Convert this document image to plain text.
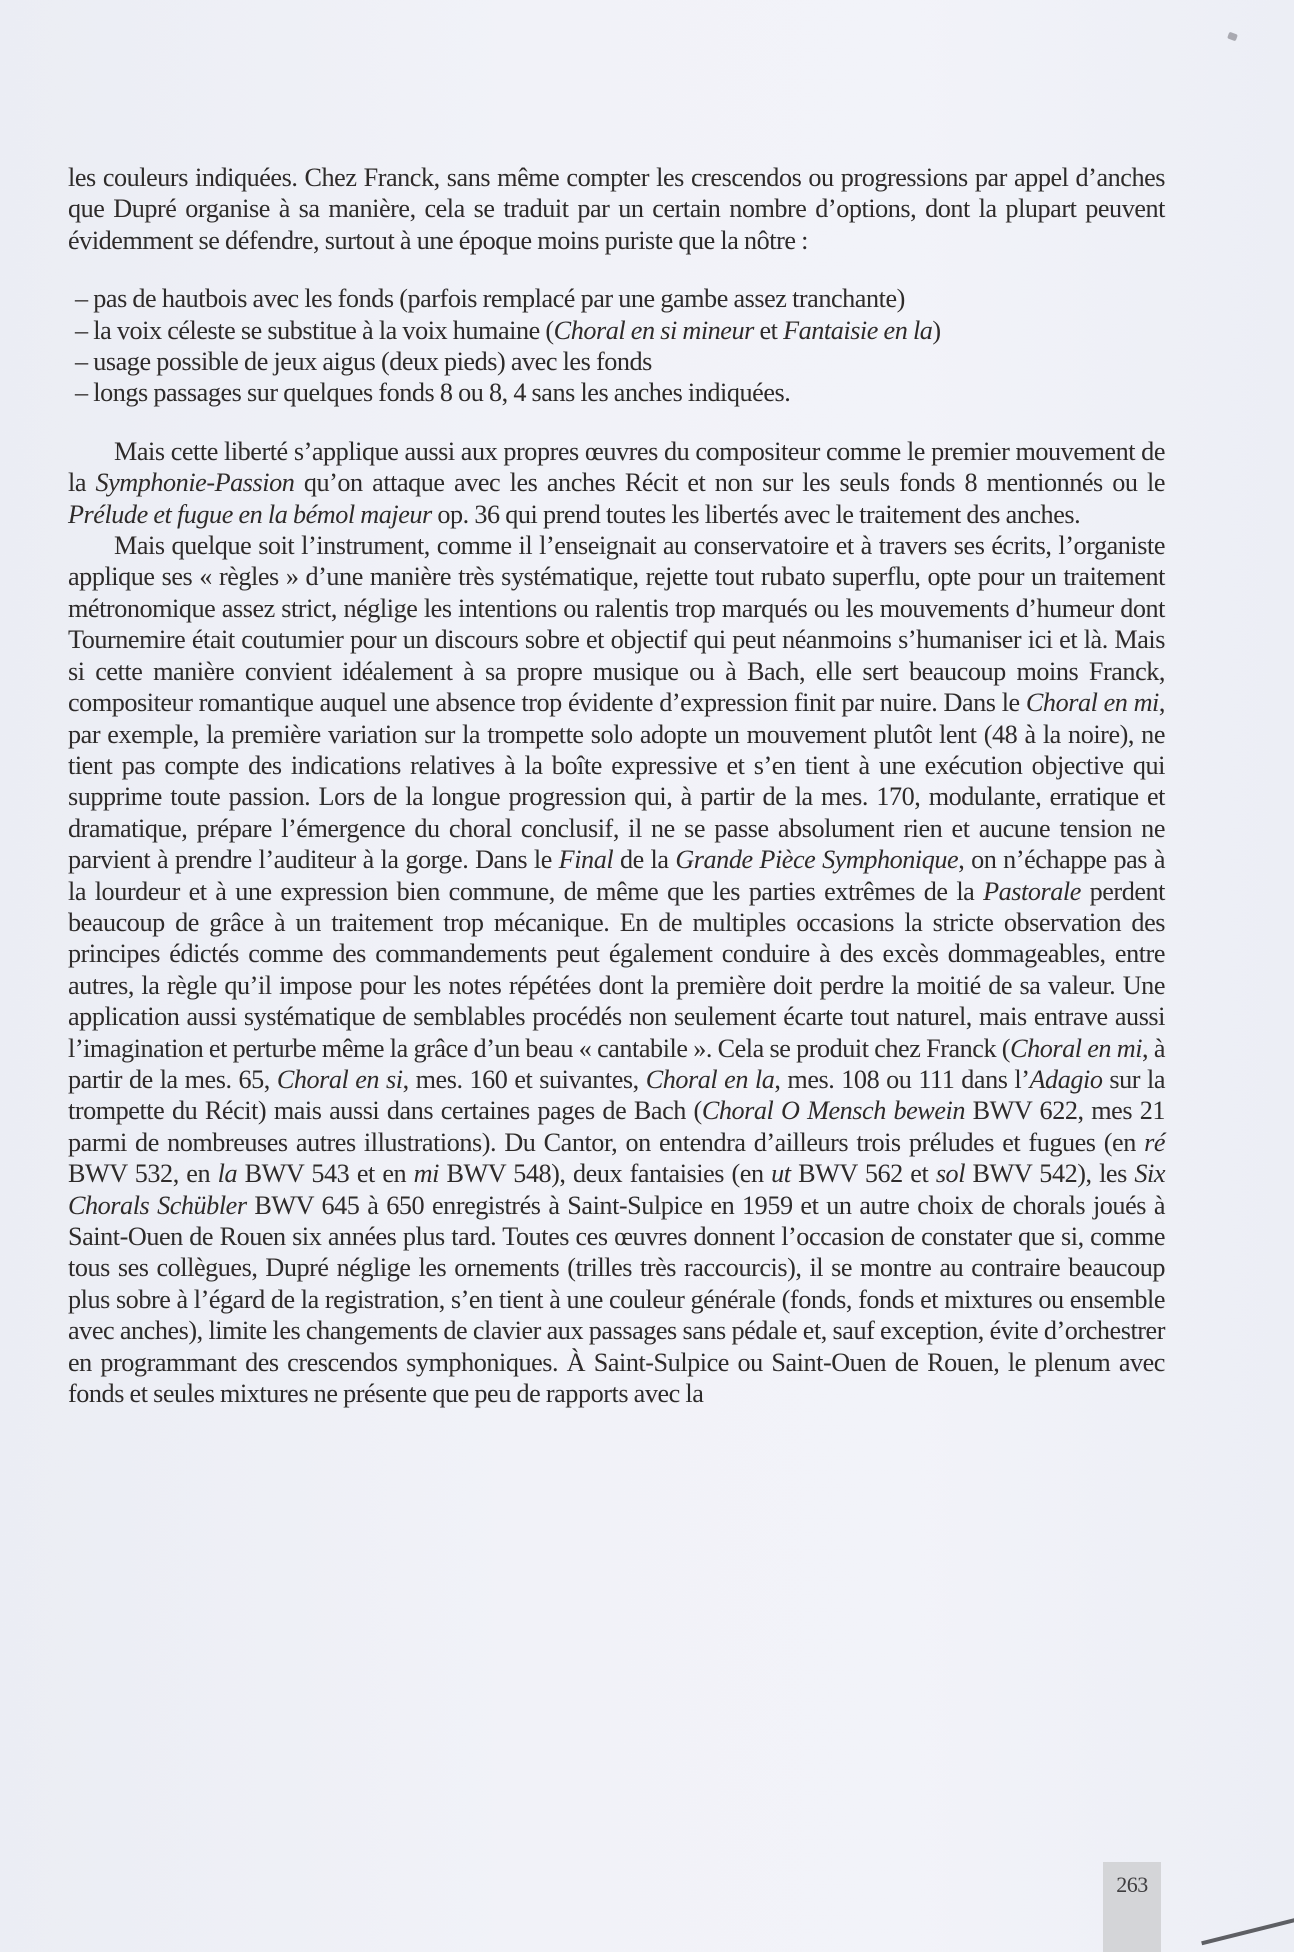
les couleurs indiquées. Chez Franck, sans même compter les crescendos ou progressions par appel d’anches que Dupré organise à sa manière, cela se traduit par un certain nombre d’options, dont la plupart peuvent évidemment se défendre, surtout à une époque moins puriste que la nôtre :

– pas de hautbois avec les fonds (parfois remplacé par une gambe assez tranchante)
– la voix céleste se substitue à la voix humaine (Choral en si mineur et Fantaisie en la)
– usage possible de jeux aigus (deux pieds) avec les fonds
– longs passages sur quelques fonds 8 ou 8, 4 sans les anches indiquées.

Mais cette liberté s’applique aussi aux propres œuvres du compositeur comme le premier mouvement de la Symphonie-Passion qu’on attaque avec les anches Récit et non sur les seuls fonds 8 mentionnés ou le Prélude et fugue en la bémol majeur op. 36 qui prend toutes les libertés avec le traitement des anches.

Mais quelque soit l’instrument, comme il l’enseignait au conservatoire et à travers ses écrits, l’organiste applique ses « règles » d’une manière très systématique, rejette tout rubato superflu, opte pour un traitement métronomique assez strict, néglige les intentions ou ralentis trop marqués ou les mouvements d’humeur dont Tournemire était coutumier pour un discours sobre et objectif qui peut néanmoins s’humaniser ici et là. Mais si cette manière convient idéalement à sa propre musique ou à Bach, elle sert beaucoup moins Franck, compositeur romantique auquel une absence trop évidente d’expression finit par nuire. Dans le Choral en mi, par exemple, la première variation sur la trompette solo adopte un mouvement plutôt lent (48 à la noire), ne tient pas compte des indications relatives à la boîte expressive et s’en tient à une exécution objective qui supprime toute passion. Lors de la longue progression qui, à partir de la mes. 170, modulante, erratique et dramatique, prépare l’émergence du choral conclusif, il ne se passe absolument rien et aucune tension ne parvient à prendre l’auditeur à la gorge. Dans le Final de la Grande Pièce Symphonique, on n’échappe pas à la lourdeur et à une expression bien commune, de même que les parties extrêmes de la Pastorale perdent beaucoup de grâce à un traitement trop mécanique. En de multiples occasions la stricte observation des principes édictés comme des commandements peut également conduire à des excès dommageables, entre autres, la règle qu’il impose pour les notes répétées dont la première doit perdre la moitié de sa valeur. Une application aussi systématique de semblables procédés non seulement écarte tout naturel, mais entrave aussi l’imagination et perturbe même la grâce d’un beau « cantabile ». Cela se produit chez Franck (Choral en mi, à partir de la mes. 65, Choral en si, mes. 160 et suivantes, Choral en la, mes. 108 ou 111 dans l’Adagio sur la trompette du Récit) mais aussi dans certaines pages de Bach (Choral O Mensch bewein BWV 622, mes 21 parmi de nombreuses autres illustrations). Du Cantor, on entendra d’ailleurs trois préludes et fugues (en ré BWV 532, en la BWV 543 et en mi BWV 548), deux fantaisies (en ut BWV 562 et sol BWV 542), les Six Chorals Schübler BWV 645 à 650 enregistrés à Saint-Sulpice en 1959 et un autre choix de chorals joués à Saint-Ouen de Rouen six années plus tard. Toutes ces œuvres donnent l’occasion de constater que si, comme tous ses collègues, Dupré néglige les ornements (trilles très raccourcis), il se montre au contraire beaucoup plus sobre à l’égard de la registration, s’en tient à une couleur générale (fonds, fonds et mixtures ou ensemble avec anches), limite les changements de clavier aux passages sans pédale et, sauf exception, évite d’orchestrer en programmant des crescendos symphoniques. À Saint-Sulpice ou Saint-Ouen de Rouen, le plenum avec fonds et seules mixtures ne présente que peu de rapports avec la

263
